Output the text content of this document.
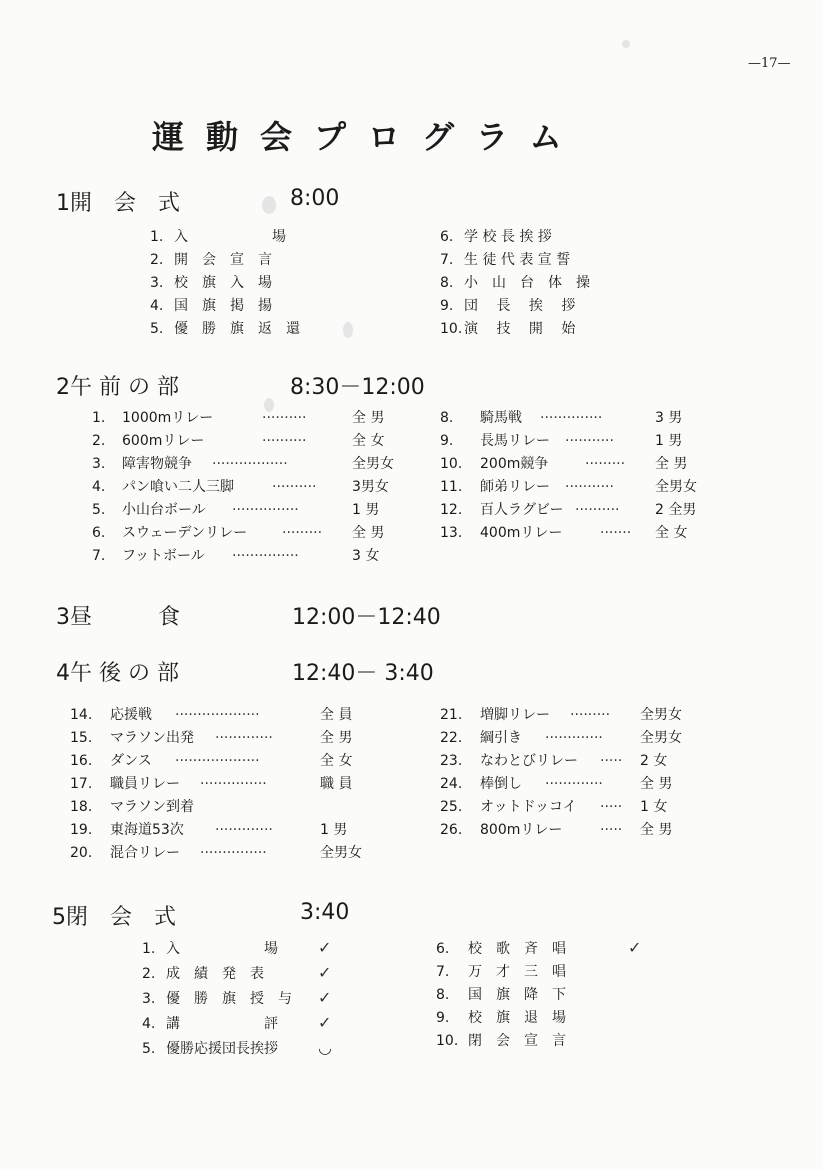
—17—
運動会プログラム
1開　会　式	8:00
1. 入　　　　　　場
2. 開　会　宣　言
3. 校　旗　入　場
4. 国　旗　掲　揚
5. 優　勝　旗　返　還
6. 学 校 長 挨 拶
7. 生 徒 代 表 宣 誓
8. 小　山　台　体　操
9. 団　 長　 挨　 拶
10. 演　 技　 開　 始
2午 前 の 部	8:30－12:00
1. 1000mリレー	··········	全 男
2. 600mリレー	··········	全 女
3. 障害物競争 ·················	全男女
4. パン喰い二人三脚	··········	3男女
5. 小山台ボール ···············	1 男
6. スウェーデンリレー ········· 全 男
7. フットボール ···············	3 女
8. 騎馬戦 ··············	3 男
9. 長馬リレー ···········	1 男
10. 200m競争	········· 全 男
11. 師弟リレー ···········	全男女
12. 百人ラグビー ··········	2 全男
13. 400mリレー	······· 全 女
3昼　　　食	12:00－12:40
4午 後 の 部	12:40－ 3:40
14. 応援戦 ···················	全 員
15. マラソン出発 ·············	全 男
16. ダンス ···················	全 女
17. 職員リレー ···············	職 員
18. マラソン到着
19. 東海道53次 ·············	1 男
20. 混合リレー ···············	全男女
21. 増脚リレー ········· 全男女
22. 綱引き ·············	全男女
23. なわとびリレー ····· 2 女
24. 棒倒し ·············	全 男
25. オットドッコイ ····· 1 女
26. 800mリレー	····· 全 男
5閉　会　式	3:40
1. 入　　　　　　場	✓
2. 成　績　発　表	✓
3. 優　勝　旗　授　与 ✓
4. 講　　　　　　評	✓
5. 優勝応援団長挨拶	◡
6. 校　歌　斉　唱	✓
7. 万　才　三　唱
8. 国　旗　降　下
9. 校　旗　退　場
10. 閉　会　宣　言
